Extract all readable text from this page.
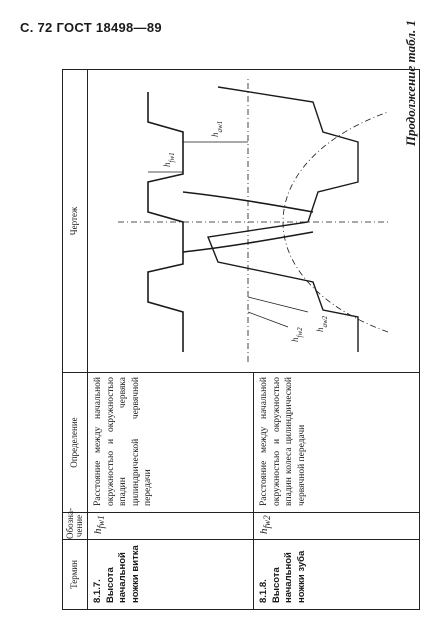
С. 72 ГОСТ 18498—89
Термин	Обозна-
чение	Определение	Чертеж

8.1.7. Высота начальной ножки витка	$h_{fw1}$	Расстояние между начальной окружностью и окружностью впадин червяка цилиндрической червячной передачи	$h_{fw1}$
$h_{aw1}$
$h_{fw2}$ $h_{aw2}$

8.1.8. Высота начальной ножки зуба	$h_{fw2}$	Расстояние между начальной окружностью и окружностью впадин колеса цилиндрической червячной передачи	
Продолжение табл. 1
